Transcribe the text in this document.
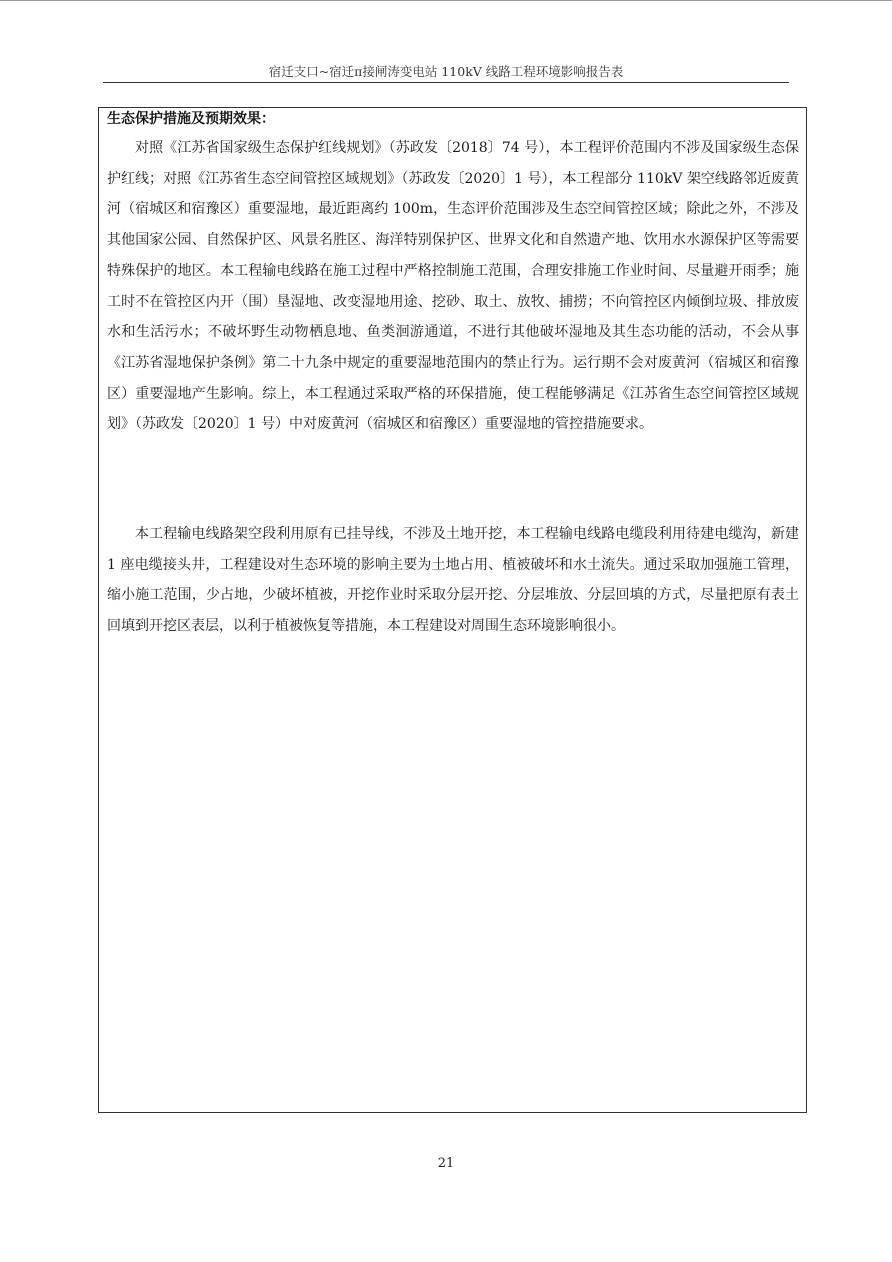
宿迁支口~宿迁π接闸涛变电站 110kV 线路工程环境影响报告表
生态保护措施及预期效果：

对照《江苏省国家级生态保护红线规划》（苏政发〔2018〕74 号），本工程评价范围内不涉及国家级生态保护红线；对照《江苏省生态空间管控区域规划》（苏政发〔2020〕1 号），本工程部分 110kV 架空线路邻近废黄河（宿城区和宿豫区）重要湿地，最近距离约 100m，生态评价范围涉及生态空间管控区域；除此之外，不涉及其他国家公园、自然保护区、风景名胜区、海洋特别保护区、世界文化和自然遗产地、饮用水水源保护区等需要特殊保护的地区。本工程输电线路在施工过程中严格控制施工范围，合理安排施工作业时间、尽量避开雨季；施工时不在管控区内开（围）垦湿地、改变湿地用途、挖砂、取土、放牧、捕捞；不向管控区内倾倒垃圾、排放废水和生活污水；不破坏野生动物栖息地、鱼类洄游通道，不进行其他破坏湿地及其生态功能的活动，不会从事《江苏省湿地保护条例》第二十九条中规定的重要湿地范围内的禁止行为。运行期不会对废黄河（宿城区和宿豫区）重要湿地产生影响。综上，本工程通过采取严格的环保措施，使工程能够满足《江苏省生态空间管控区域规划》（苏政发〔2020〕1 号）中对废黄河（宿城区和宿豫区）重要湿地的管控措施要求。

本工程输电线路架空段利用原有已挂导线，不涉及土地开挖，本工程输电线路电缆段利用待建电缆沟，新建 1 座电缆接头井，工程建设对生态环境的影响主要为土地占用、植被破坏和水土流失。通过采取加强施工管理，缩小施工范围，少占地，少破坏植被，开挖作业时采取分层开挖、分层堆放、分层回填的方式，尽量把原有表土回填到开挖区表层，以利于植被恢复等措施，本工程建设对周围生态环境影响很小。

21
